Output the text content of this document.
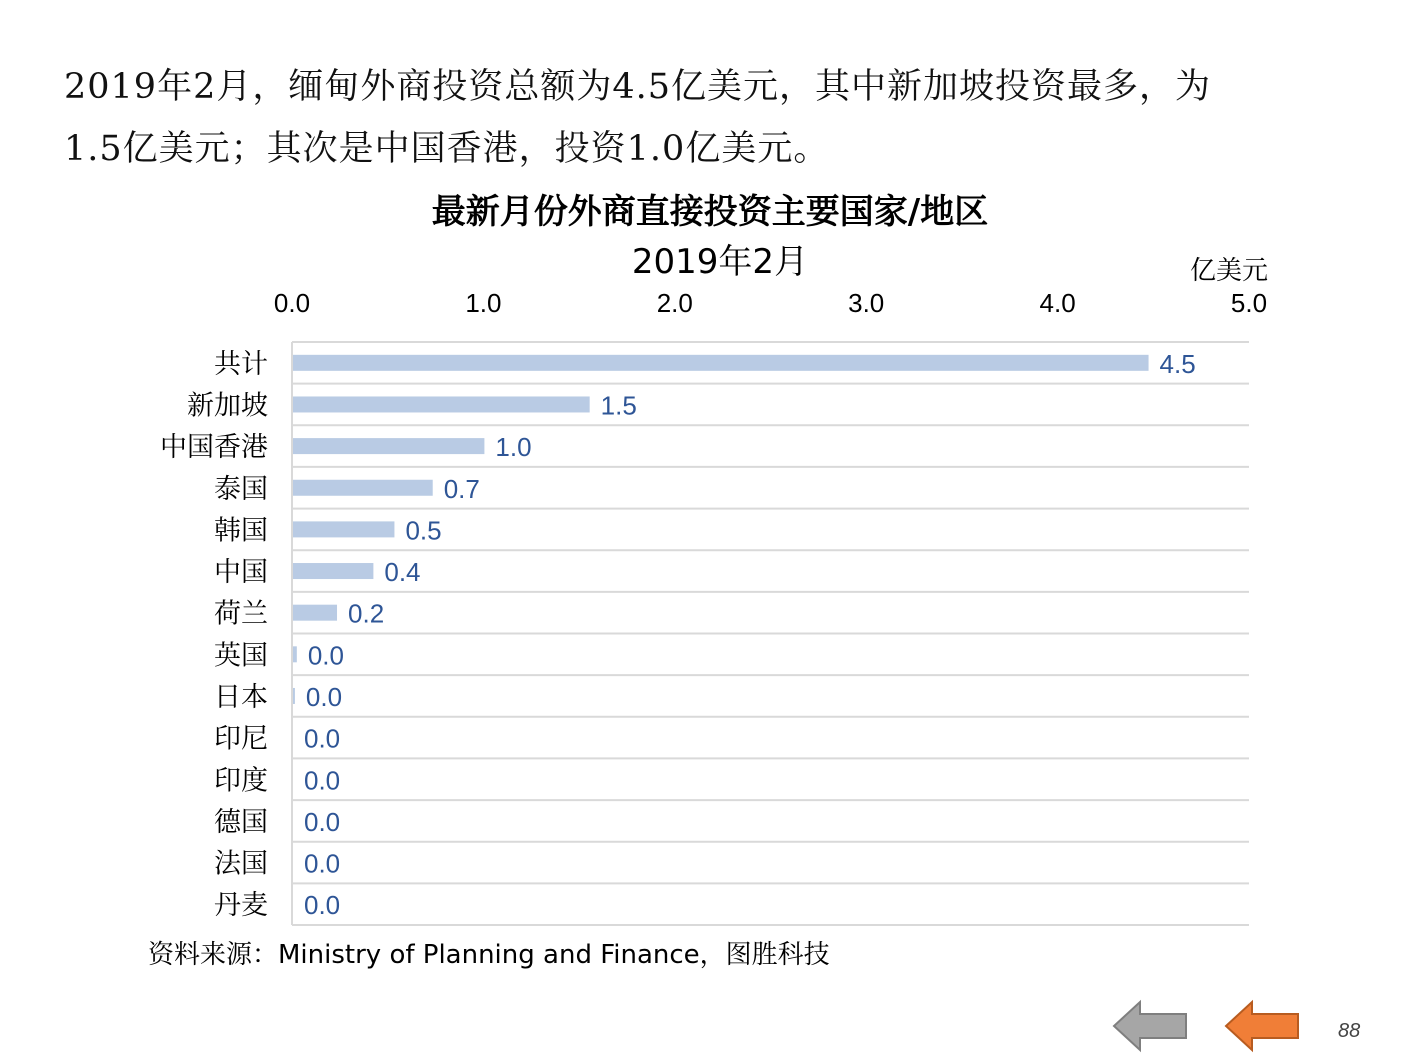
2019年2月，缅甸外商投资总额为4.5亿美元，其中新加坡投资最多，为

1.5亿美元；其次是中国香港，投资1.0亿美元。

最新月份外商直接投资主要国家/地区
2019年2月	亿美元
0.0	1.0	2.0	3.0	4.0	5.0
共计	4.5
新加坡	1.5
中国香港	1.0
泰国	0.7
韩国	0.5
中国	0.4
荷兰	0.2
英国 0.0
日本 0.0
印尼 0.0
印度 0.0
德国 0.0
法国 0.0
丹麦 0.0
资料来源：Ministry of Planning and Finance，图胜科技
88
